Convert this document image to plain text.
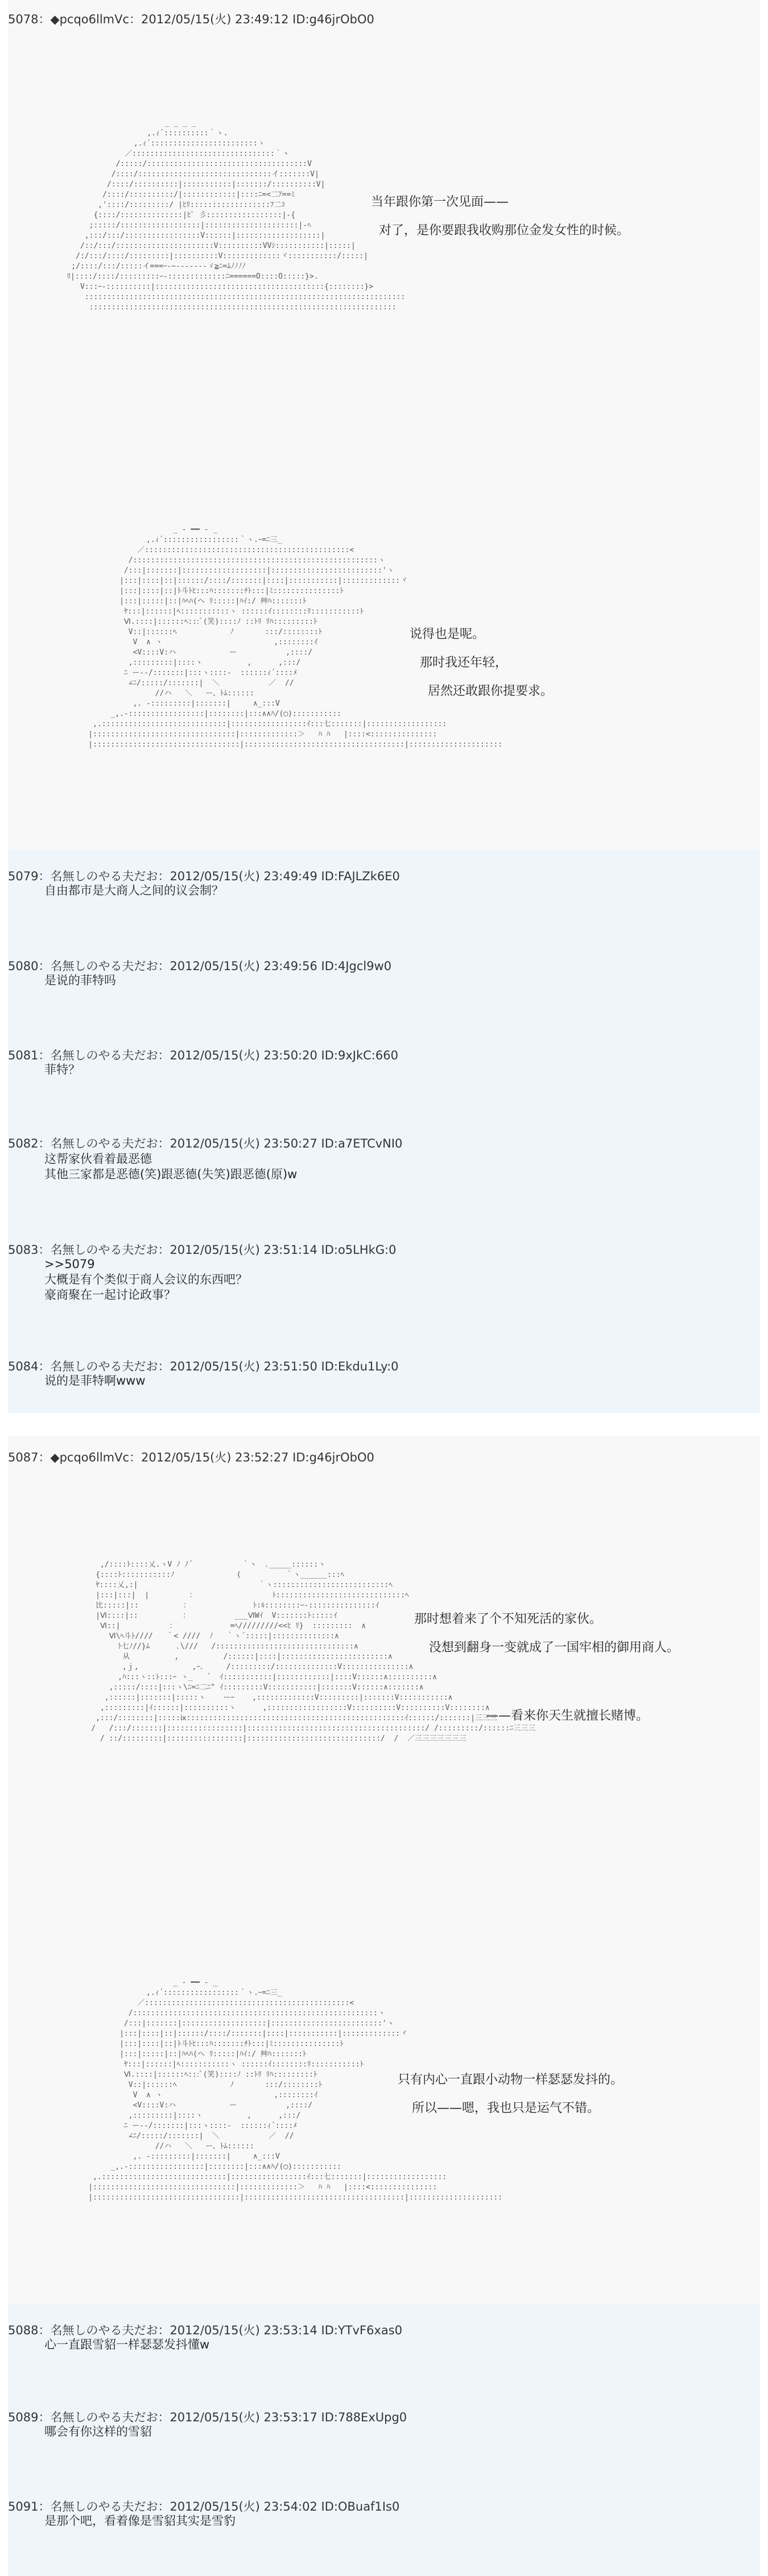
5078：◆pcqo6llmVc：2012/05/15(火) 23:49:12 ID:g46jrObO0

_ _ _ _
,.ｨ´::::::::::｀ヽ.
,.ｨ´::::::::::::::::::::::::ヽ
／::::::::::::::::::::::::::::::::｀ヽ
/:::::/::::::::::::::::::::::::::::::::::::V
/::::/::::::::::::::::::::::::::::::イ:::::::V|
/::::/::::::::::|:::::::::::|:::::::/::::::::::V|
/::::/::::::::::/|::::::::::::|::::ﾆ=<二ｱ==ﾐ
,'::::/:::::::::/ |ﾋﾘ::::::::::::::::::ﾌ二ｺ
{::::/::::::::::::::|ﾋﾞ 彡:::::::::::::::::|-{
;:::::/::::::::::::::::::|:::::::::::::::::::::|-ﾍ
,:::/:::/:::::::::::::::::V::::::|:::::::::::::::::::|
/::/:::/::::::::::::::::::::::V::::::::::VVｼ:::::::::::|:::::|
/:/:::/::::/:::::::::|::::::::::V:::::::::::::ヾ:::::::::::/:::::|
;/::::/:::/:::::イ===ｰ-~-------ゞ≧ﾆ=ﾑﾉﾉﾉﾉ
ﾘ|::::/::::/:::::::::ｰ-:::::::::::::ﾆ======O::::O:::::}>.
V:::ｰ-::::::::::|::::::::::::::::::::::::::::::::::::::{::::::::}>
::::::::::::::::::::::::::::::::::::::::::::::::::::::::::::::::::::::::
:::::::::::::::::::::::::::::::::::::::::::::::::::::::::::::::::::::

当年跟你第一次见面——
对了，是你要跟我收购那位金发女性的时候。

_ - ━━ - _
,.ｨ´:::::::::::::::::｀ヽ.ｰ=ﾆ三_
／::::::::::::::::::::::::::::::::::::::::::::::<
/:::::::::::::::::::::::::::::::::::::::::::::::::::::::ヽ
/:::|:::::::|:::::::::::::::::::|:::::::::::::::::::::::::'ヽ
|:::|::::|::|::::::/::::/:::::::|::::|:::::::::::|:::::::::::::ヾ
|:::|::::|::|ﾄ斗ﾄﾋ:::ﾊ:::::::ﾁﾄ:::|ﾐ:::::::::::::::ﾄ
|:::|:::::|::|ﾊﾍﾊ(ヘ ﾘ:::::|ﾊｲ:/ 艸ﾊ:::::::ﾄ
ﾔ:::|::::::|ﾍ:::::::::::ヽ ::::::ｲ::::::::ﾘ:::::::::::ﾄ
Ⅵ.::::|::::::ﾍ:::ﾞ(笑)::::ﾉ ::ﾄﾘ ﾘﾊ:::::::::ﾄ
V::|::::::ﾍ            ﾉ       :::/::::::::ﾄ
V  ∧ ヽ                         ,::::::::ｲ
<V::::V:ハ            ー           ,::::/
,:::::::::|::::ヽ          ,      ,:::/
ﾆ ー--/:::::::|:::ヽ::::-  ::::::ｨ´::::ﾒ
∠ﾆ/:::::/:::::::|  ＼           ／  //
//ハ   ＼   ー、ﾄﾑ::::::
,. -:::::::::|:::::::|     ∧_:::V
_,.-:::::::::::::::::|::::::::|:::∧∧ﾊ/(◯):::::::::::
,.::::::::::::::::::::::::::::|:::::::::::::::::ｲ:::七:::::::|::::::::::::::::::
|::::::::::::::::::::::::::::::::|:::::::::::::＞   ﾊ ﾊ   |::::<:::::::::::::::
|:::::::::::::::::::::::::::::::::|::::::::::::::::::::::::::::::::::::|:::::::::::::::::::::

说得也是呢。
那时我还年轻，
居然还敢跟你提要求。
5079：名無しのやる夫だお：2012/05/15(火) 23:49:49 ID:FAJLZk6E0
自由都市是大商人之间的议会制？
5080：名無しのやる夫だお：2012/05/15(火) 23:49:56 ID:4Jgcl9w0
是说的菲特吗
5081：名無しのやる夫だお：2012/05/15(火) 23:50:20 ID:9xJkC:660
菲特？
5082：名無しのやる夫だお：2012/05/15(火) 23:50:27 ID:a7ETCvNI0
这帮家伙看着最恶德
其他三家都是恶德(笑)跟恶德(失笑)跟恶德(原)w
5083：名無しのやる夫だお：2012/05/15(火) 23:51:14 ID:o5LHkG:0
>>5079
大概是有个类似于商人会议的东西吧？
豪商聚在一起讨论政事？
5084：名無しのやる夫だお：2012/05/15(火) 23:51:50 ID:Ekdu1Ly:0
说的是菲特啊www
5087：◆pcqo6llmVc：2012/05/15(火) 23:52:27 ID:g46jrObO0

,/::::ﾄ::::乂.ヽV ﾉ ﾉ´           ｀ヽ  ､_____::::::ヽ
{::::ﾄ:::::::::::ﾉ              (          ｀ヽ______:::ﾍ
ﾔ::::乂,:|                           ｀ヽ::::::::::::::::::::::::::ﾍ
|:::|:::|  |         ：                 ﾄ:::::::::::::::::::::::::::::ﾍ
比:::::|::          ：              ﾄ:ﾙ::::::::ｰ‐:::::::::::::::ｲ
|Ⅵ::::|::          ：          ___ⅥWｲ  V:::::::ﾄ:::::ｲ
Ⅵ::|           ：            =ﾍ/////////<<ﾋ ﾘ}  :::::::::  ∧
Ⅵ\ﾍ斗ﾄ////   ｀< ////  ﾉ   ｀ヽ´:::::|::::::::::::::∧
ﾄ七ﾉ//}ﾑ      ､\///   /:::::::::::::::::::::::::::::::∧
从          ,          /::::::|::::|::::::::::::::::::::::::∧
,ｊ,            ,ｰ､     /:::::::::/::::::::::::::V:::::::::::::::∧
,ﾊ:::ヽ::ﾄ:::ｰ ヽ_   ´  ｲ:::::::::::|::::::::::::|::::V::::::∧::::::::::∧
,:::::/::::|:::ヽ\ﾆ=ﾆ二ﾆ" ｲ:::::::::V:::::::::::|:::::::V::::::∧:::::::∧
,::::::|:::::::|:::::ヽ    ーｰ    ,:::::::::::::V:::::::::|:::::::V:::::::::::∧
,:::::::::|ｲ::::::|::::::::::ヽ      ,::::::::::::::::::V::::::::::V::::::::::V::::::::∧
,:::/::::::::|:::::ⅸ:::::::::::::::::::::::::::::::::::::::::::::::::ｲ::::::/:::::::|三三三
/   /:::/:::::::|:::::::::::::::::|::::::::::::::::::::::::::::::::::::::::/ /:::::::::/::::::ﾆ三三三
/ ::/:::::::::|:::::::::::::::::|::::::::::::::::::::::::::::::/  /  ／三三三三三三三

那时想着来了个不知死活的家伙。
没想到翻身一变就成了一国牢相的御用商人。
——看来你天生就擅长赌博。

_ - ━━ - _
,.ｨ´:::::::::::::::::｀ヽ.ｰ=ﾆ三_
／::::::::::::::::::::::::::::::::::::::::::::::<
/:::::::::::::::::::::::::::::::::::::::::::::::::::::::ヽ
/:::|:::::::|:::::::::::::::::::|:::::::::::::::::::::::::'ヽ
|:::|::::|::|::::::/::::/:::::::|::::|:::::::::::|:::::::::::::ヾ
|:::|::::|::|ﾄ斗ﾄﾋ:::ﾊ:::::::ﾁﾄ:::|ﾐ:::::::::::::::ﾄ
|:::|:::::|::|ﾊﾍﾊ(ヘ ﾘ:::::|ﾊｲ:/ 艸ﾊ:::::::ﾄ
ﾔ:::|::::::|ﾍ:::::::::::ヽ ::::::ｲ::::::::ﾘ:::::::::::ﾄ
Ⅵ.::::|::::::ﾍ:::ﾞ(笑)::::ﾉ ::ﾄﾘ ﾘﾊ:::::::::ﾄ
V::|::::::ﾍ            ﾉ       :::/::::::::ﾄ
V  ∧ ヽ                         ,::::::::ｲ
<V::::V:ハ            ー           ,::::/
,:::::::::|::::ヽ          ,      ,:::/
ﾆ ー--/:::::::|:::ヽ::::-  ::::::ｨ´::::ﾒ
∠ﾆ/:::::/:::::::|  ＼           ／  //
//ハ   ＼   ー、ﾄﾑ::::::
,. -:::::::::|:::::::|     ∧_:::V
_,.-:::::::::::::::::|::::::::|:::∧∧ﾊ/(◯):::::::::::
,.::::::::::::::::::::::::::::|:::::::::::::::::ｲ:::七:::::::|::::::::::::::::::
|::::::::::::::::::::::::::::::::|:::::::::::::＞   ﾊ ﾊ   |::::<:::::::::::::::
|:::::::::::::::::::::::::::::::::|::::::::::::::::::::::::::::::::::::|:::::::::::::::::::::

只有内心一直跟小动物一样瑟瑟发抖的。
所以——嗯，我也只是运气不错。
5088：名無しのやる夫だお：2012/05/15(火) 23:53:14 ID:YTvF6xas0
心一直跟雪貂一样瑟瑟发抖懂w
5089：名無しのやる夫だお：2012/05/15(火) 23:53:17 ID:788ExUpg0
哪会有你这样的雪貂
5091：名無しのやる夫だお：2012/05/15(火) 23:54:02 ID:OBuaf1Is0
是那个吧，看着像是雪貂其实是雪豹
